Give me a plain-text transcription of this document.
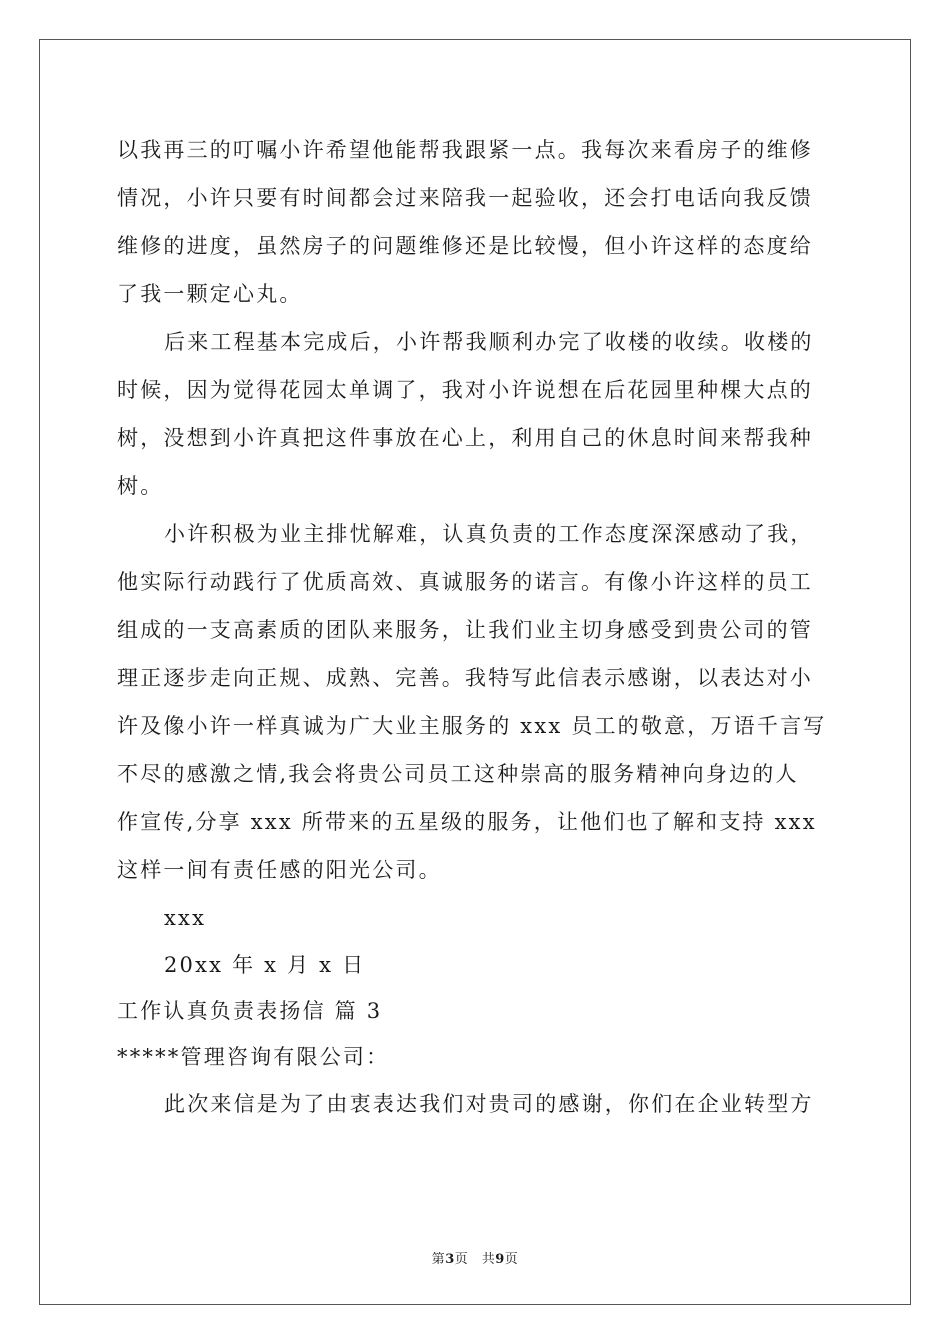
以我再三的叮嘱小许希望他能帮我跟紧一点。我每次来看房子的维修
情况，小许只要有时间都会过来陪我一起验收，还会打电话向我反馈
维修的进度，虽然房子的问题维修还是比较慢，但小许这样的态度给
了我一颗定心丸。
后来工程基本完成后，小许帮我顺利办完了收楼的收续。收楼的
时候，因为觉得花园太单调了，我对小许说想在后花园里种棵大点的
树，没想到小许真把这件事放在心上，利用自己的休息时间来帮我种
树。
小许积极为业主排忧解难，认真负责的工作态度深深感动了我，
他实际行动践行了优质高效、真诚服务的诺言。有像小许这样的员工
组成的一支高素质的团队来服务，让我们业主切身感受到贵公司的管
理正逐步走向正规、成熟、完善。我特写此信表示感谢，以表达对小
许及像小许一样真诚为广大业主服务的 xxx 员工的敬意，万语千言写
不尽的感激之情,我会将贵公司员工这种崇高的服务精神向身边的人
作宣传,分享 xxx 所带来的五星级的服务，让他们也了解和支持 xxx
这样一间有责任感的阳光公司。
xxx
20xx 年 x 月 x 日
工作认真负责表扬信 篇 3
*****管理咨询有限公司：
此次来信是为了由衷表达我们对贵司的感谢，你们在企业转型方
第3页　共9页
